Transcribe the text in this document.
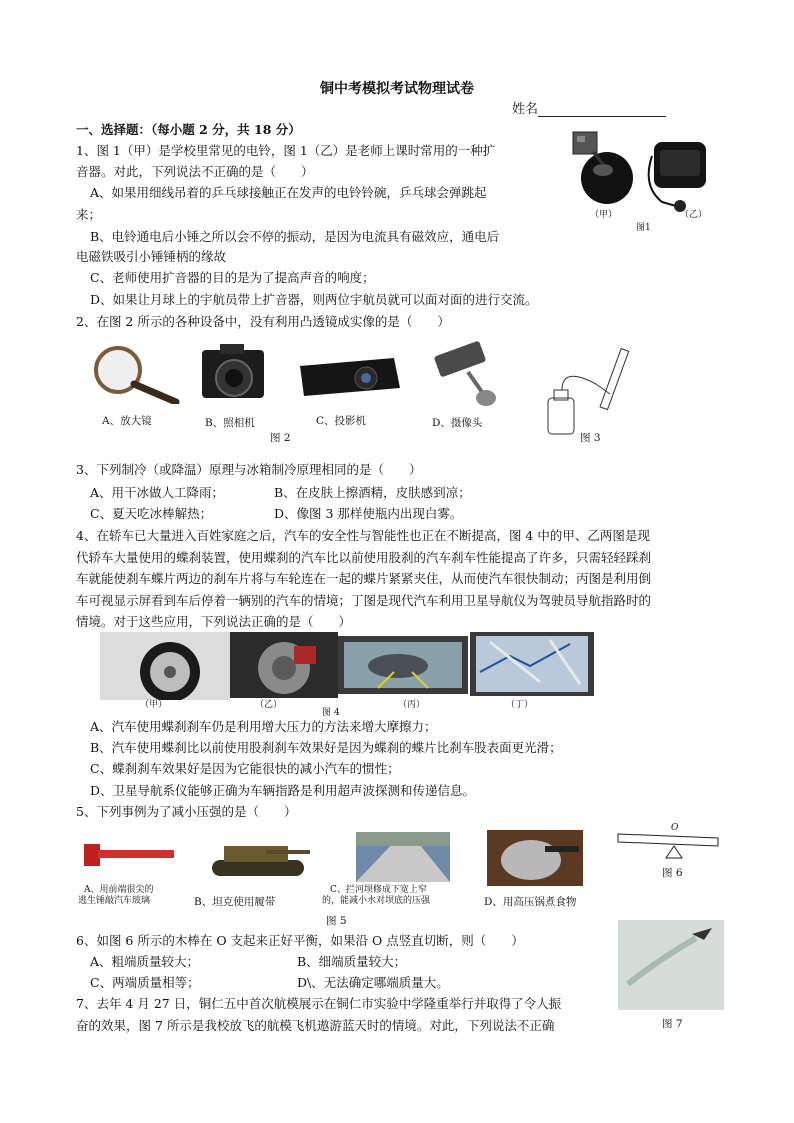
铜中考模拟考试物理试卷
姓名
一、选择题：（每小题 2 分，共 18 分）
1、图 1（甲）是学校里常见的电铃，图 1（乙）是老师上课时常用的一种扩
音器。对此，下列说法不正确的是（　　）
A、如果用细线吊着的乒乓球接触正在发声的电铃铃碗，乒乓球会弹跳起
来；
B、电铃通电后小锤之所以会不停的振动，是因为电流具有磁效应，通电后
电磁铁吸引小锤锤柄的缘故
C、老师使用扩音器的目的是为了提高声音的响度；
D、如果让月球上的宇航员带上扩音器，则两位宇航员就可以面对面的进行交流。
（甲）	（乙）
图1
2、在图 2 所示的各种设备中，没有利用凸透镜成实像的是（　　）
A、放大镜	B、照相机	C、投影机	D、摄像头
图 2	图 3
3、下列制冷（或降温）原理与冰箱制冷原理相同的是（　　）
A、用干冰做人工降雨；	B、在皮肤上擦酒精，皮肤感到凉；
C、夏天吃冰棒解热；	D、像图 3 那样使瓶内出现白雾。
4、在轿车已大量进入百姓家庭之后，汽车的安全性与智能性也正在不断提高，图 4 中的甲、乙两图是现
代轿车大量使用的蝶刹装置，使用蝶刹的汽车比以前使用股刹的汽车刹车性能提高了许多，只需轻轻踩刹
车就能使刹车蝶片两边的刹车片将与车轮连在一起的蝶片紧紧夹住，从而使汽车很快制动；丙图是利用倒
车可视显示屏看到车后停着一辆别的汽车的情境；丁图是现代汽车利用卫星导航仪为驾驶员导航指路时的
情境。对于这些应用，下列说法正确的是（　　）
（甲）	（乙）	（丙）	（丁）
图 4
A、汽车使用蝶刹刹车仍是利用增大压力的方法来增大摩擦力；
B、汽车使用蝶刹比以前使用股刹刹车效果好是因为蝶刹的蝶片比刹车股表面更光滑；
C、蝶刹刹车效果好是因为它能很快的减小汽车的惯性；
D、卫星导航系仪能够正确为车辆指路是利用超声波探测和传递信息。
5、下列事例为了减小压强的是（　　）
O
A、用前端很尖的
逃生锤敲汽车玻璃	B、坦克使用履带
C、拦河坝修成下宽上窄
的，能减小水对坝底的压强	D、用高压锅煮食物
图 6
图 5
6、如图 6 所示的木棒在 O 支起来正好平衡，如果沿 O 点竖直切断，则（　　）
A、粗端质量较大；	B、细端质量较大；
C、两端质量相等；	D\、无法确定哪端质量大。
7、去年 4 月 27 日，铜仁五中首次航模展示在铜仁市实验中学隆重举行并取得了令人振
奋的效果，图 7 所示是我校放飞的航模飞机遨游蓝天时的情境。对此，下列说法不正确	图 7
